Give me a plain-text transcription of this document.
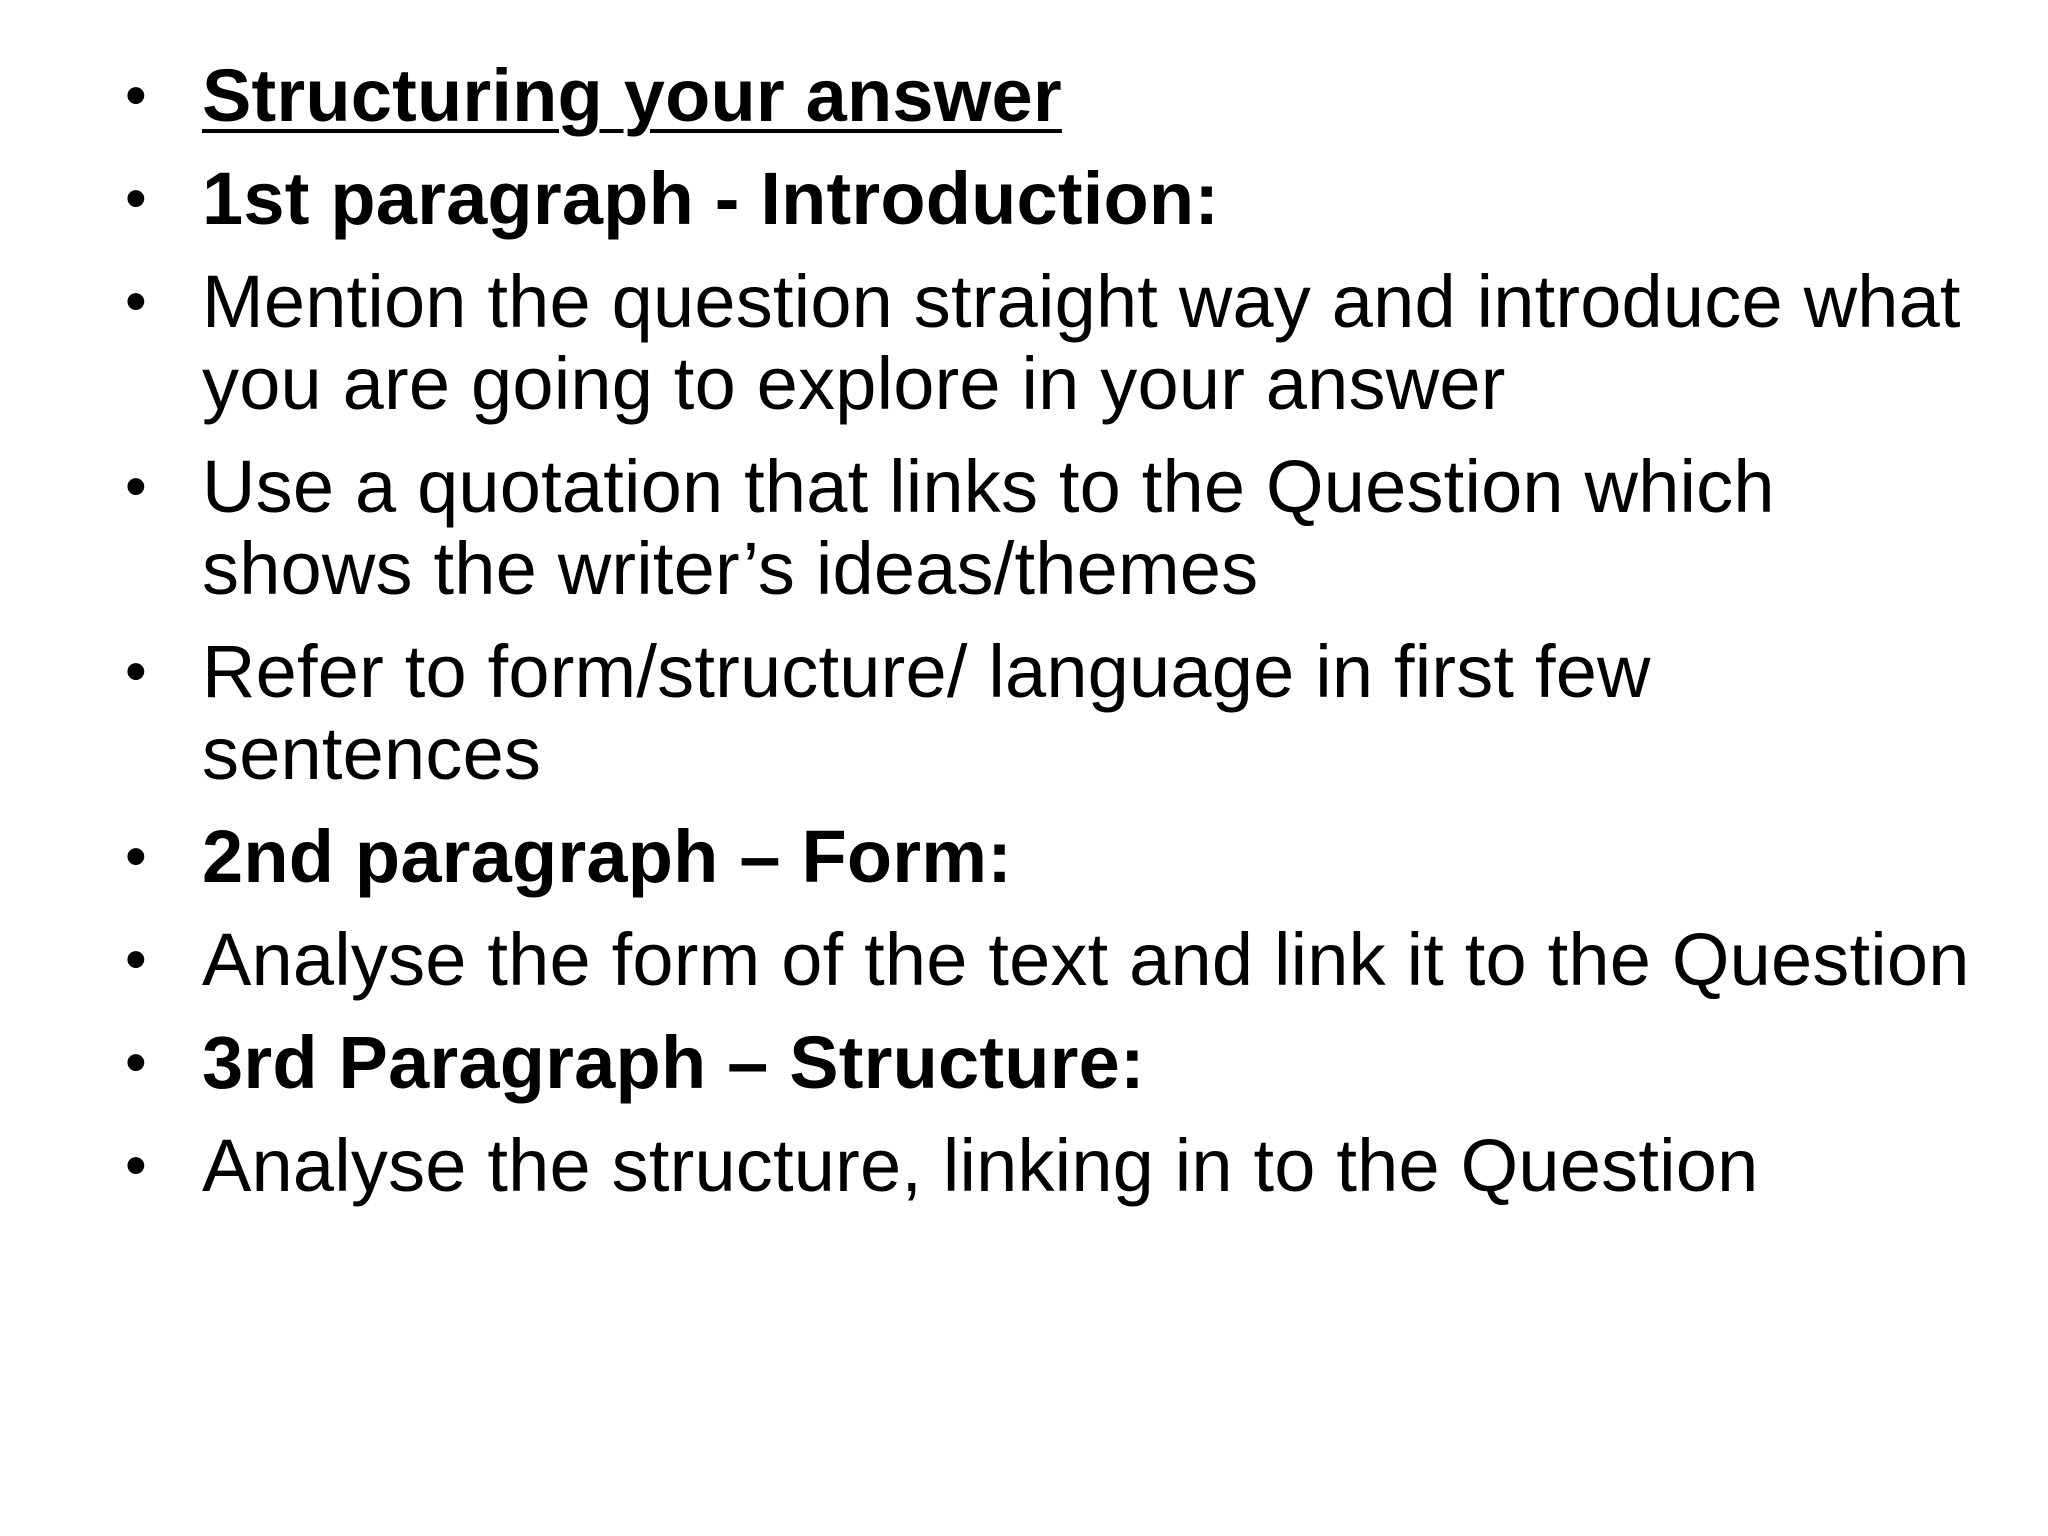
• Structuring your answer
• 1st paragraph - Introduction:
• Mention the question straight way and introduce what you are going to explore in your answer
• Use a quotation that links to the Question which shows the writer’s ideas/themes
• Refer to form/structure/ language in first few sentences
• 2nd paragraph – Form:
• Analyse the form of the text and link it to the Question
• 3rd Paragraph – Structure:
• Analyse the structure, linking in to the Question
